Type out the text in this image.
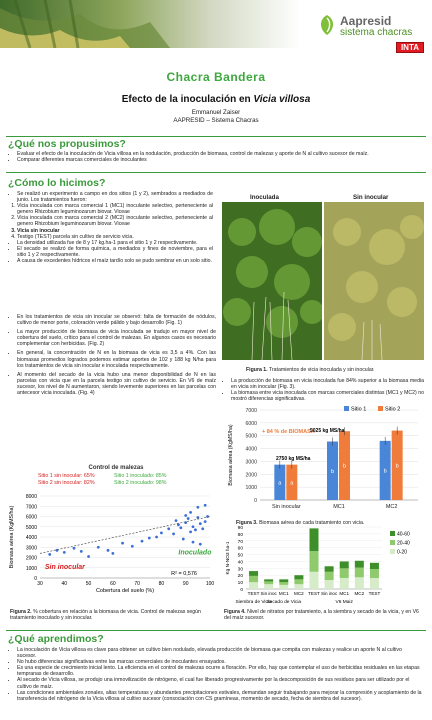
Aapresid
sistema chacras
INTA
Chacra Bandera
Efecto de la inoculación en Vicia villosa
Emmanuel Zaiser
AAPRESID – Sistema Chacras
¿Qué nos propusimos?
• Evaluar el efecto de la inoculación de Vicia villosa en la nodulación, producción de biomasa, control de malezas y aporte de N al cultivo sucesor de maíz.
• Comparar diferentes marcas comerciales de inoculantes
¿Cómo lo hicimos?
• Se realizó un experimento a campo en dos sitios (1 y 2), sembrados a mediados de junio. Los tratamientos fueron:
1. Vicia inoculada con marca comercial 1 (MC1) inoculante selectivo, perteneciente al genero Rhizobium leguminozarum biovar. Viceae
2. Vicia inoculada con marca comercial 2 (MC2) inoculante selectivo, perteneciente al genero Rhizobium leguminozarum biovar. Viceae
3. Vicia sin inocular
4. Testigo (TEST) parcela sin cultivo de servicio vicia.
• La densidad utilizada fue de 8 y 17 kg.ha-1 para el sitio 1 y 2 respectivamente.
• El secado se realizó de forma química, a mediados y fines de noviembre, para el sitio 1 y 2 respectivamente.
• A causa de excedentes hídricos el maíz tardío solo se pudo sembrar en un solo sitio.
Inoculada	Sin inocular
Figura 1. Tratamientos de vicia inoculada y sin inocular.
• En los tratamientos de vicia sin inocular se observó: falta de formación de nódulos, cultivo de menor porte, coloración verde pálido y bajo desarrollo (Fig. 1)
• La mayor producción de biomasa de vicia inoculada se tradujo en mayor nivel de cobertura del suelo, crítico para el control de malezas. En algunos casos es necesario complementar con herbicidas. (Fig. 2)
• En general, la concentración de N en la biomasa de vicia es 3,5 a 4%. Con las biomasas promedios logrados podemos estimar aportes de 102 y 188 kg N/ha para los tratamientos de vicia sin inocular e inoculada respectivamente.
• Al momento del secado de la vicia hubo una menor disponibilidad de N en las parcelas con vicia que en la parcela testigo sin cultivo de servicio. En V6 de maíz sucesor, los nivel de N aumentaron, siendo levemente superiores en las parcelas con antecesor vicia inoculada. (Fig. 4)
• La producción de biomasa en vicia inoculada fue 84% superior a la biomasa media en vicia sin inocular (Fig. 3).
• La biomasa entre vicia inoculada con marcas comerciales distintas (MC1 y MC2) no mostró diferencias significativas.
0
1000
2000
3000
4000
5000
6000
7000
Biomasa aérea (KgMS/ha)	a a
Sin inocular
b
b
MC1
b
b
MC2
Sitio 1	Sitio 2
+ 84 % de BIOMASA
2750 kg MS/ha
5025 kg MS/ha
Figura 3. Biomasa aérea de cada tratamiento con vicia.
Control de malezas
Sitio 1 sin inocular: 65%	Sitio 1 inoculado: 85%
Sitio 2 sin inocular: 82%	Sitio 2 inoculado: 98%
0
1000
2000
3000
4000
5000
6000
7000
8000
30	40	50	60	70	80	90	100
Cobertura del suelo (%)
Biomasa aérea (KgMS/ha)	Inoculado
Sin inocular
R² = 0,576
Figura 2. % cobertura en relación a la biomasa de vicia. Control de malezas según tratamiento inoculado y sin inocular.
0
10
20
30
40
50
60
70
80
90
Kg N-NO3 ha-1
TEST Sin inoc MC1 MC2 TEST Sin inoc MC1 MC2 TEST
Siembra de Vicia
Secado de Vicia	V6 Maiz
40-60
20-40
0-20
Figura 4. Nivel de nitratos por tratamiento, a la siembra y secado de la vicia, y en V6 del maíz sucesor.
¿Qué aprendimos?
• La inoculación de Vicia villosa es clave para obtener un cultivo bien nodulado, elevada producción de biomasa que compita con malezas y realice un aporte N al cultivo sucesor.
• No hubo diferencias significativas entre las marcas comerciales de inoculantes ensayados.
• Es una especie de crecimiento inicial lento. La eficiencia en el control de malezas ocurre a floración. Por ello, hay que contemplar el uso de herbicidas residuales en las etapas tempranas de desarrollo.
• Al secado de Vicia villosa, se produjo una inmovilización de nitrógeno, el cual fue liberado progresivamente por la descomposición de sus residuos para ser utilizado por el cultivo de maíz.
• Las condiciones ambientales zonales, altas temperaturas y abundantes precipitaciones estivales, demandan seguir trabajando para mejorar la compresión y acoplamiento de la transferencia del nitrógeno de la Vicia villosa al cultivo sucesor (consociación con CS gramíneas, momento de secado, fecha de siembra del sucesor).
